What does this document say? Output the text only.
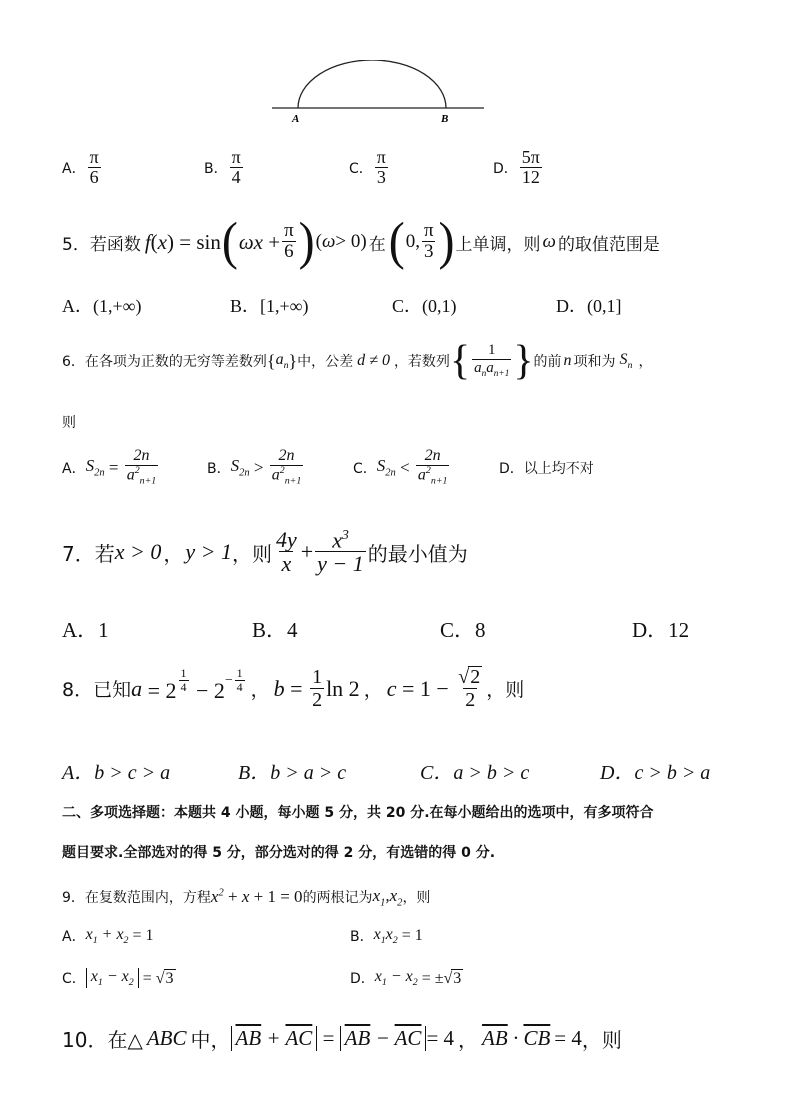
A	B
A． $\frac{\pi}{6}$	B． $\frac{\pi}{4}$	C． $\frac{\pi}{3}$	D． $\frac{5\pi}{12}$
5．若函数 f ( x ) = sin ( $\omega x + \frac{\pi}{6}$ ) ( ω > 0) 在 ( 0, $\frac{\pi}{3}$ ) 上单调，则 ω 的取值范围是
A．(1,+∞)	B．[1,+∞)	C．(0,1)	D．(0,1]
6．在各项为正数的无穷等差数列 { $a_n$ } 中，公差 d ≠ 0 ，若数列 { $\frac{1}{a_na_{n+1}}$ } 的前 n 项和为 $S_n$ ，
则
A． $S_{2n} = \frac{2n}{a^2_{n+1}}$	B． $S_{2n} > \frac{2n}{a^2_{n+1}}$	C． $S_{2n} < \frac{2n}{a^2_{n+1}}$	D．以上均不对
7．若 x > 0 ， y > 1 ，则 $\frac{4y}{x} + \frac{x^3}{y - 1}$ 的最小值为
A．1	B．4	C．8	D．12
8．已知 a = 2 $^{\frac{1}{4}} - 2^{- \frac{1}{4}}$ ， $b = \frac{1}{2}$ ln 2 ， $c = 1 - \frac{√2}{2}$ ，则
A．b > c > a	B．b > a > c	C．a > b > c	D．c > b > a
二、多项选择题：本题共 4 小题，每小题 5 分，共 20 分.在每小题给出的选项中，有多项符合
题目要求.全部选对的得 5 分，部分选对的得 2 分，有选错的得 0 分.
9．在复数范围内，方程 $x^2 + x + 1 = 0$ 的两根记为 $x_1,x_2$ ，则
A． $x_1 + x_2 = 1$	B． $x_1x_2 = 1$
C． $x_1 - x_2 = √3$	D． $x_1 - x_2 = \pm√3$
10．在△ ABC 中， $\overline{AB} + \overline{AC} = \overline{AB} - \overline{AC} = 4$ ， $\overline{AB} \cdot \overline{CB} = 4$ ，则
